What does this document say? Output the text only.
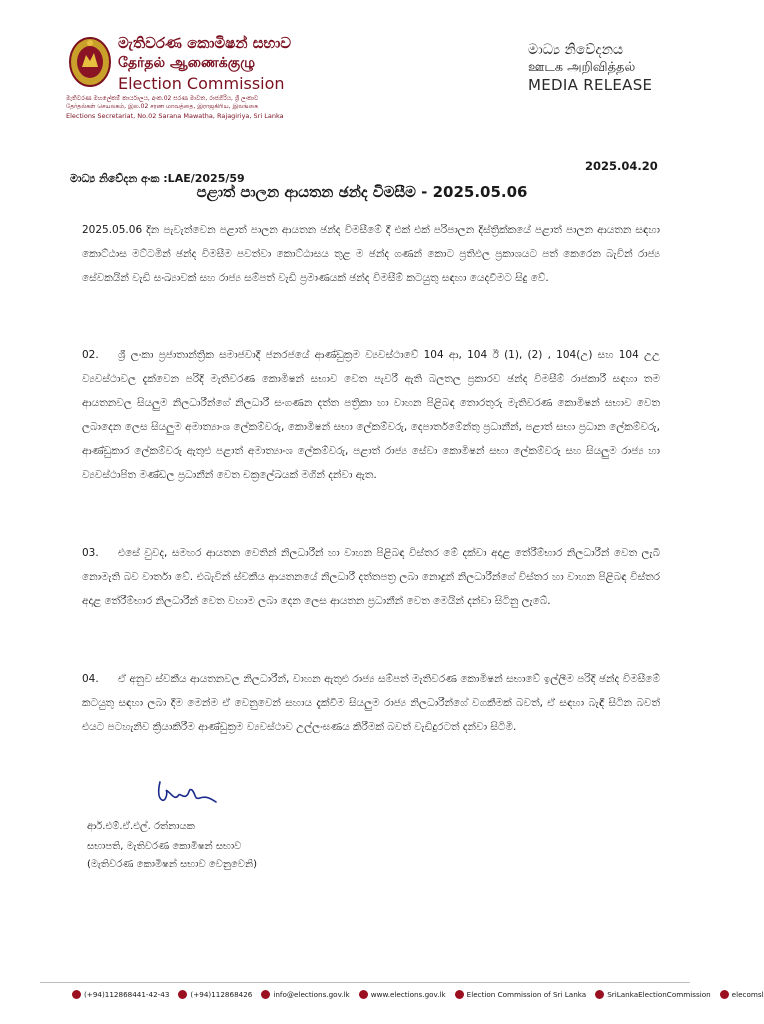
මැතිවරණ කොමිෂන් සභාව
தேர்தல் ஆணைக்குழு
Election Commission
මැතිවරණ මහලේකම් කාර්යාලය, අංක.02 සරණ මාවත, රාජගිරිය, ශ්‍රී ලංකාව
தேர்தல்கள் செயலகம், இல.02 சரண மாவத்தை, இராஜகிரிய, இலங்கை
Elections Secretariat, No.02 Sarana Mawatha, Rajagiriya, Sri Lanka
මාධ්‍ය නිවේදනය
ஊடக அறிவித்தல்
MEDIA RELEASE
2025.04.20
මාධ්‍ය නිවේදන අංක :LAE/2025/59
පළාත් පාලන ආයතන ඡන්ද විමසීම - 2025.05.06
2025.05.06 දින පැවැත්වෙන පළාත් පාලන ආයතන ඡන්ද විමසීමේ දී එක් එක් පරිපාලන දිස්ත්‍රික්කයේ පළාත් පාලන ආයතන සඳහා කොට්ඨාස මට්ටමින් ඡන්ද විමසීම පවත්වා කොට්ඨාසය තුළ ම ඡන්ද ගණන් කොට ප්‍රතිඵල ප්‍රකාශයට පත් කෙරෙන බැවින් රාජ්‍ය සේවකයින් වැඩි සංඛ්‍යාවක් සහ රාජ්‍ය සම්පත් වැඩි ප්‍රමාණයක් ඡන්ද විමසීම් කටයුතු සඳහා යෙදවීමට සිදු වේ.
02. ශ්‍රී ලංකා ප්‍රජාතාන්ත්‍රික සමාජවාදී ජනරජයේ ආණ්ඩුක්‍රම ව්‍යවස්ථාවේ 104 ආ, 104 ඊ (1), (2) , 104(උ) සහ 104 උඋ ව්‍යවස්ථාවල දැක්වෙන පරිදි මැතිවරණ කොමිෂන් සභාව වෙත පැවරී ඇති බලතල ප්‍රකාරව ඡන්ද විමසීම් රාජකාරී සඳහා තම ආයතනවල සියලුම නිලධාරීන්ගේ නිලධාරී සංගණන දත්ත පත්‍රිකා හා වාහන පිළිබඳ තොරතුරු මැතිවරණ කොමිෂන් සභාව වෙත ලබාදෙන ලෙස සියලුම අමාත්‍යාංශ ලේකම්වරු, කොමිෂන් සභා ලේකම්වරු, දෙපාර්තමේන්තු ප්‍රධානීන්, පළාත් සභා ප්‍රධාන ලේකම්වරු, ආණ්ඩුකාර ලේකම්වරු ඇතුළු පළාත් අමාත්‍යාංශ ලේකම්වරු, පළාත් රාජ්‍ය සේවා කොමිෂන් සභා ලේකම්වරු සහ සියලුම රාජ්‍ය හා ව්‍යවස්ථාපිත මණ්ඩල ප්‍රධානීන් වෙත චක්‍රලේඛයක් මගින් දන්වා ඇත.
03. එසේ වුවද, සමහර ආයතන වෙතින් නිලධාරීන් හා වාහන පිළිබඳ විස්තර මේ දක්වා අදාළ තේරීම්භාර නිලධාරීන් වෙත ලැබී නොමැති බව වාර්තා වේ. එබැවින් ස්වකීය ආයතනයේ නිලධාරී දත්තපත්‍ර ලබා නොදුන් නිලධාරීන්ගේ විස්තර හා වාහන පිළිබඳ විස්තර අදාළ තේරීම්භාර නිලධාරීන් වෙත වහාම ලබා දෙන ලෙස ආයතන ප්‍රධානීන් වෙත මෙයින් දන්වා සිටිනු ලැබේ.
04. ඒ අනුව ස්වකීය ආයතනවල නිලධාරීන්, වාහන ඇතුළු රාජ්‍ය සම්පත් මැතිවරණ කොමිෂන් සභාවේ ඉල්ලීම පරිදි ඡන්ද විමසීමේ කටයුතු සඳහා ලබා දීම මෙන්ම ඒ වෙනුවෙන් සහාය දැක්වීම සියලුම රාජ්‍ය නිලධාරීන්ගේ වගකීමක් බවත්, ඒ සඳහා බැඳී සිටින බවත් එයට පටහැනිව ක්‍රියාකිරීම ආණ්ඩුක්‍රම ව්‍යවස්ථාව උල්ලංඝණය කිරීමක් බවත් වැඩිදුරටත් දන්වා සිටිමි.
ආර්.එම්.ඒ.එල්. රත්නායක
සභාපති, මැතිවරණ කොමිෂන් සභාව
(මැතිවරණ කොමිෂන් සභාව වෙනුවෙනි)
(+94)112868441-42-43	(+94)112868426	info@elections.gov.lk	www.elections.gov.lk	Election Commission of Sri Lanka	SriLankaElectionCommission	elecomsl
